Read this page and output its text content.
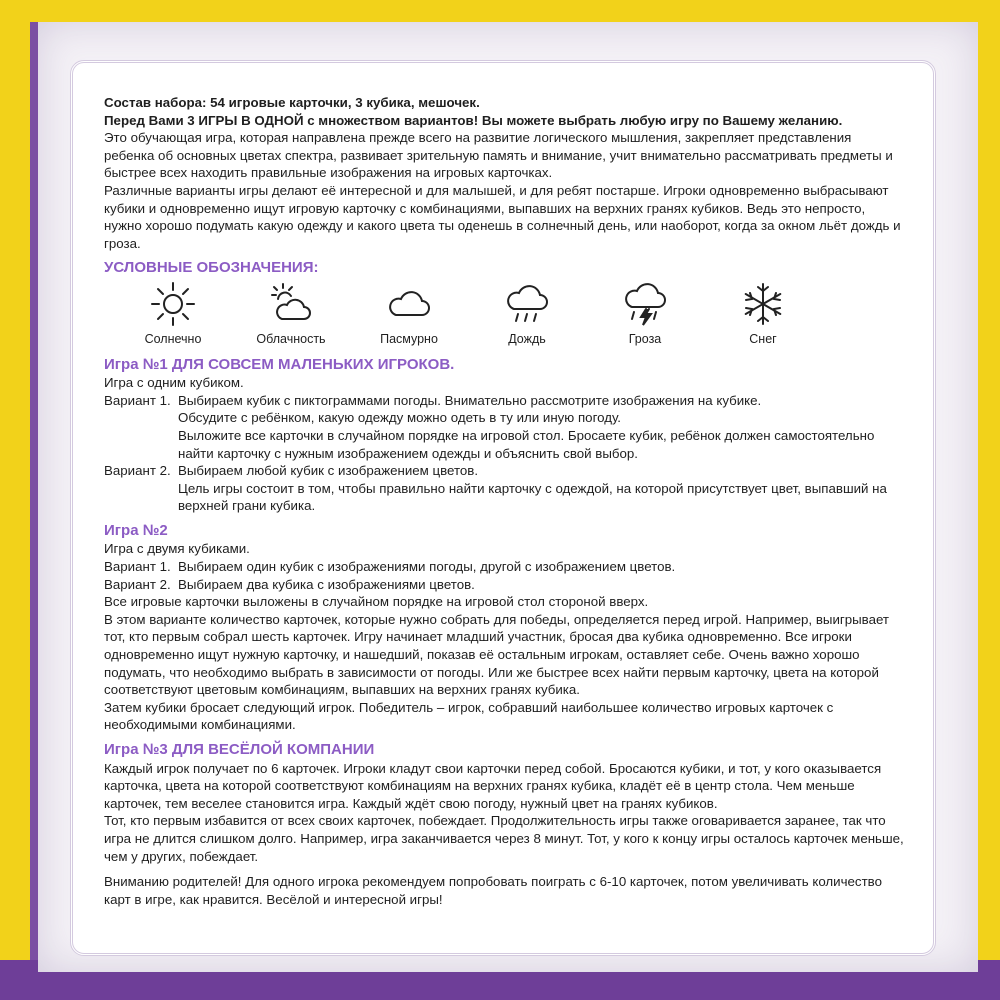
Состав набора: 54 игровые карточки, 3 кубика, мешочек.

Перед Вами 3 ИГРЫ В ОДНОЙ с множеством вариантов! Вы можете выбрать любую игру по Вашему желанию.

Это обучающая игра, которая направлена прежде всего на развитие логического мышления, закрепляет представления ребенка об основных цветах спектра, развивает зрительную память и внимание, учит внимательно рассматривать предметы и быстрее всех находить правильные изображения на игровых карточках.

Различные варианты игры делают её интересной и для малышей, и для ребят постарше. Игроки одновременно выбрасывают кубики и одновременно ищут игровую карточку с комбинациями, выпавших на верхних гранях кубиков. Ведь это непросто, нужно хорошо подумать какую одежду и какого цвета ты оденешь в солнечный день, или наоборот, когда за окном льёт дождь и гроза.

УСЛОВНЫЕ ОБОЗНАЧЕНИЯ:
Солнечно	Облачность	Пасмурно	Дождь	Гроза	Снег
Игра №1 ДЛЯ СОВСЕМ МАЛЕНЬКИХ ИГРОКОВ.

Игра с одним кубиком.

Вариант 1. Выбираем кубик с пиктограммами погоды. Внимательно рассмотрите изображения на кубике.

Обсудите с ребёнком, какую одежду можно одеть в ту или иную погоду.

Выложите все карточки в случайном порядке на игровой стол. Бросаете кубик, ребёнок должен самостоятельно найти карточку с нужным изображением одежды и объяснить свой выбор.

Вариант 2. Выбираем любой кубик с изображением цветов.

Цель игры состоит в том, чтобы правильно найти карточку с одеждой, на которой присутствует цвет, выпавший на верхней грани кубика.

Игра №2

Игра с двумя кубиками.

Вариант 1. Выбираем один кубик с изображениями погоды, другой с изображением цветов.
Вариант 2. Выбираем два кубика с изображениями цветов.

Все игровые карточки выложены в случайном порядке на игровой стол стороной вверх.

В этом варианте количество карточек, которые нужно собрать для победы, определяется перед игрой. Например, выигрывает тот, кто первым собрал шесть карточек. Игру начинает младший участник, бросая два кубика одновременно. Все игроки одновременно ищут нужную карточку, и нашедший, показав её остальным игрокам, оставляет себе. Очень важно хорошо подумать, что необходимо выбрать в зависимости от погоды. Или же быстрее всех найти первым карточку, цвета на которой соответствуют цветовым комбинациям, выпавших на верхних гранях кубика.

Затем кубики бросает следующий игрок. Победитель – игрок, собравший наибольшее количество игровых карточек с необходимыми комбинациями.

Игра №3 ДЛЯ ВЕСЁЛОЙ КОМПАНИИ

Каждый игрок получает по 6 карточек. Игроки кладут свои карточки перед собой. Бросаются кубики, и тот, у кого оказывается карточка, цвета на которой соответствуют комбинациям на верхних гранях кубика, кладёт её в центр стола. Чем меньше карточек, тем веселее становится игра. Каждый ждёт свою погоду, нужный цвет на гранях кубиков.

Тот, кто первым избавится от всех своих карточек, побеждает. Продолжительность игры также оговаривается заранее, так что игра не длится слишком долго. Например, игра заканчивается через 8 минут. Тот, у кого к концу игры осталось карточек меньше, чем у других, побеждает.

Вниманию родителей! Для одного игрока рекомендуем попробовать поиграть с 6-10 карточек, потом увеличивать количество карт в игре, как нравится. Весёлой и интересной игры!
